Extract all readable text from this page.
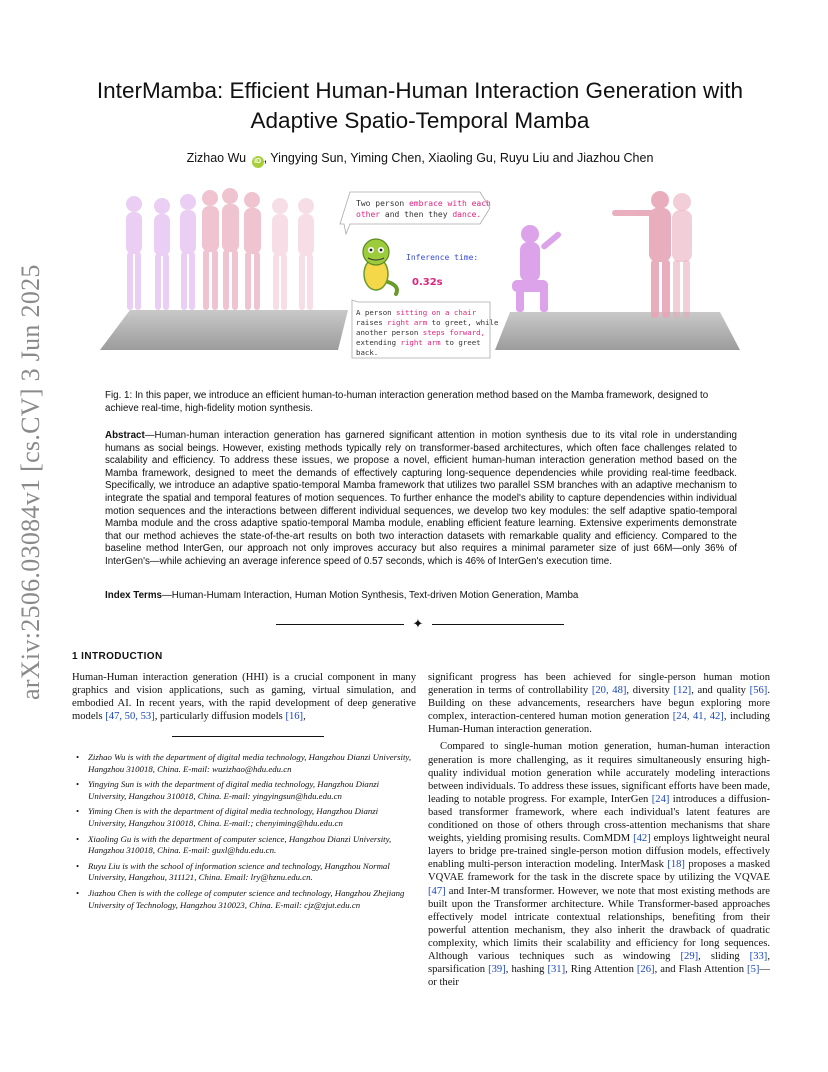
arXiv:2506.03084v1 [cs.CV] 3 Jun 2025
InterMamba: Efficient Human-Human Interaction Generation with
Adaptive Spatio-Temporal Mamba
Zizhao Wu iD , Yingying Sun, Yiming Chen, Xiaoling Gu, Ruyu Liu and Jiazhou Chen
Two person embrace with each
other and then they dance.
Inference time:
0.32s
A person sitting on a chair
raises right arm to greet, while
another person steps forward,
extending right arm to greet
back.
Fig. 1: In this paper, we introduce an efficient human-to-human interaction generation method based on the Mamba framework, designed to achieve real-time, high-fidelity motion synthesis.
Abstract—Human-human interaction generation has garnered significant attention in motion synthesis due to its vital role in understanding humans as social beings. However, existing methods typically rely on transformer-based architectures, which often face challenges related to scalability and efficiency. To address these issues, we propose a novel, efficient human-human interaction generation method based on the Mamba framework, designed to meet the demands of effectively capturing long-sequence dependencies while providing real-time feedback. Specifically, we introduce an adaptive spatio-temporal Mamba framework that utilizes two parallel SSM branches with an adaptive mechanism to integrate the spatial and temporal features of motion sequences. To further enhance the model's ability to capture dependencies within individual motion sequences and the interactions between different individual sequences, we develop two key modules: the self adaptive spatio-temporal Mamba module and the cross adaptive spatio-temporal Mamba module, enabling efficient feature learning. Extensive experiments demonstrate that our method achieves the state-of-the-art results on both two interaction datasets with remarkable quality and efficiency. Compared to the baseline method InterGen, our approach not only improves accuracy but also requires a minimal parameter size of just 66M—only 36% of InterGen's—while achieving an average inference speed of 0.57 seconds, which is 46% of InterGen's execution time.
Index Terms—Human-Humam Interaction, Human Motion Synthesis, Text-driven Motion Generation, Mamba
✦
1 INTRODUCTION
Human-Human interaction generation (HHI) is a crucial component in many graphics and vision applications, such as gaming, virtual simulation, and embodied AI. In recent years, with the rapid development of deep generative models [47, 50, 53], particularly diffusion models [16],
• Zizhao Wu is with the department of digital media technology, Hangzhou Dianzi University, Hangzhou 310018, China. E-mail: wuzizhao@hdu.edu.cn
• Yingying Sun is with the department of digital media technology, Hangzhou Dianzi University, Hangzhou 310018, China. E-mail: yingyingsun@hdu.edu.cn
• Yiming Chen is with the department of digital media technology, Hangzhou Dianzi University, Hangzhou 310018, China. E-mail:; chenyiming@hdu.edu.cn
• Xiaoling Gu is with the department of computer science, Hangzhou Dianzi University, Hangzhou 310018, China. E-mail: guxl@hdu.edu.cn.
• Ruyu Liu is with the school of information science and technology, Hangzhou Normal University, Hangzhou, 311121, China. Email: lry@hznu.edu.cn.
• Jiazhou Chen is with the college of computer science and technology, Hangzhou Zhejiang University of Technology, Hangzhou 310023, China. E-mail: cjz@zjut.edu.cn

significant progress has been achieved for single-person human motion generation in terms of controllability [20, 48], diversity [12], and quality [56]. Building on these advancements, researchers have begun exploring more complex, interaction-centered human motion generation [24, 41, 42], including Human-Human interaction generation.

Compared to single-human motion generation, human-human interaction generation is more challenging, as it requires simultaneously ensuring high-quality individual motion generation while accurately modeling interactions between individuals. To address these issues, significant efforts have been made, leading to notable progress. For example, InterGen [24] introduces a diffusion-based transformer framework, where each individual's latent features are conditioned on those of others through cross-attention mechanisms that share weights, yielding promising results. ComMDM [42] employs lightweight neural layers to bridge pre-trained single-person motion diffusion models, effectively enabling multi-person interaction modeling. InterMask [18] proposes a masked VQVAE framework for the task in the discrete space by utilizing the VQVAE [47] and Inter-M transformer. However, we note that most existing methods are built upon the Transformer architecture. While Transformer-based approaches effectively model intricate contextual relationships, benefiting from their powerful attention mechanism, they also inherit the drawback of quadratic complexity, which limits their scalability and efficiency for long sequences. Although various techniques such as windowing [29], sliding [33], sparsification [39], hashing [31], Ring Attention [26], and Flash Attention [5]—or their
